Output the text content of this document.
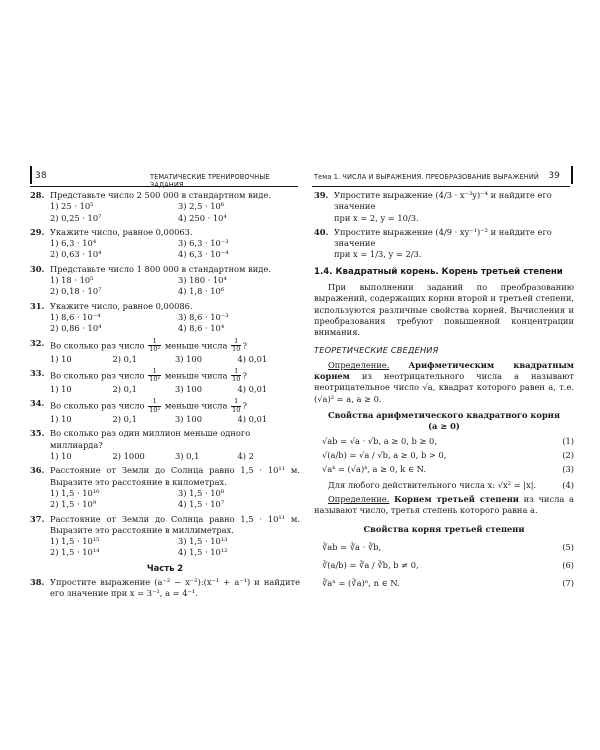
38	ТЕМАТИЧЕСКИЕ ТРЕНИРОВОЧНЫЕ ЗАДАНИЯ
Тема 1. ЧИСЛА И ВЫРАЖЕНИЯ. ПРЕОБРАЗОВАНИЕ ВЫРАЖЕНИЙ 39
28. Представьте число 2 500 000 в стандартном виде.
1) 25 · 10⁵	3) 2,5 · 10⁶
2) 0,25 · 10⁷	4) 250 · 10⁴
29. Укажите число, равное 0,00063.
1) 6,3 · 10⁴	3) 6,3 · 10⁻³
2) 0,63 · 10⁴	4) 6,3 · 10⁻⁴
30. Представьте число 1 800 000 в стандартном виде.
1) 18 · 10⁵	3) 180 · 10⁴
2) 0,18 · 10⁷	4) 1,8 · 10⁶
31. Укажите число, равное 0,00086.
1) 8,6 · 10⁻⁴	3) 8,6 · 10⁻³
2) 0,86 · 10⁴	4) 8,6 · 10⁴
32. Во сколько раз число $\frac{1}{\text{10²}}$ меньше числа $\frac{1}{10}$ ?
1) 10	2) 0,1	3) 100	4) 0,01
33. Во сколько раз число $\frac{1}{\text{10²}}$ меньше числа $\frac{1}{10}$ ?
1) 10	2) 0,1	3) 100	4) 0,01
34. Во сколько раз число $\frac{1}{\text{10²}}$ меньше числа $\frac{1}{10}$ ?
1) 10	2) 0,1	3) 100	4) 0,01
35. Во сколько раз один миллион меньше одного миллиарда?
1) 10	2) 1000	3) 0,1	4) 2
36. Расстояние от Земли до Солнца равно 1,5 · 10¹¹ м. Выразите это расстояние в километрах.
1) 1,5 · 10¹⁰	3) 1,5 · 10⁸
2) 1,5 · 10⁹	4) 1,5 · 10⁷
37. Расстояние от Земли до Солнца равно 1,5 · 10¹¹ м. Выразите это расстояние в миллиметрах.
1) 1,5 · 10¹⁵	3) 1,5 · 10¹³
2) 1,5 · 10¹⁴	4) 1,5 · 10¹²
Часть 2
38. Упростите выражение (a⁻² − x⁻²):(x⁻¹ + a⁻¹) и найдите его значение при x = 3⁻¹, a = 4⁻¹.
39. Упростите выражение (4/3 · x⁻³y)⁻⁴ и найдите его значение
при x = 2, y = 10/3.
40. Упростите выражение (4/9 · xy⁻¹)⁻² и найдите его значение
при x = 1/3, y = 2/3.
1.4. Квадратный корень. Корень третьей степени
При выполнении заданий по преобразованию выражений, содержащих корни второй и третьей степени, используются различные свойства корней. Вычисления и преобразования требуют повышенной концентрации внимания.
ТЕОРЕТИЧЕСКИЕ СВЕДЕНИЯ
Определение. Арифметическим квадратным корнем из неотрицательного числа a называют неотрицательное число √a, квадрат которого равен a, т.е. (√a)² = a, a ≥ 0.
Свойства арифметического квадратного корня
(a ≥ 0)
√ab = √a · √b, a ≥ 0, b ≥ 0,	(1)
√(a/b) = √a / √b, a ≥ 0, b > 0,	(2)
√aᵏ = (√a)ᵏ, a ≥ 0, k ∈ N.	(3)
Для любого действительного числа x: √x² = |x|.	(4)
Определение. Корнем третьей степени из числа a называют число, третья степень которого равна a.
Свойства корня третьей степени
∛ab = ∛a · ∛b,	(5)
∛(a/b) = ∛a / ∛b, b ≠ 0,	(6)
∛aⁿ = (∛a)ⁿ, n ∈ N.	(7)
